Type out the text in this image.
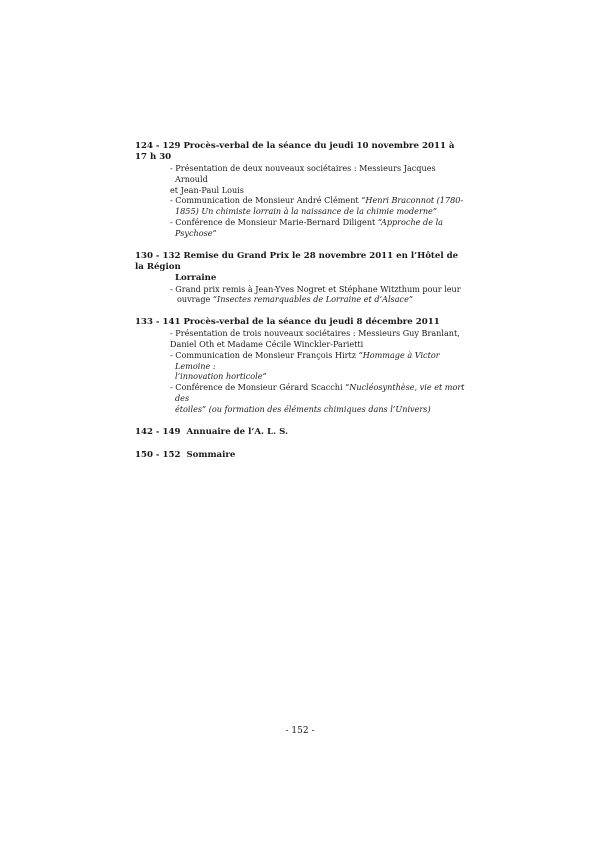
124 - 129 Procès-verbal de la séance du jeudi 10 novembre 2011 à 17 h 30
- Présentation de deux nouveaux sociétaires : Messieurs Jacques Arnould
et Jean-Paul Louis
- Communication de Monsieur André Clément “Henri Braconnot (1780-
1855) Un chimiste lorrain à la naissance de la chimie moderne”
- Conférence de Monsieur Marie-Bernard Diligent “Approche de la Psychose”
130 - 132 Remise du Grand Prix le 28 novembre 2011 en l’Hôtel de la Région
Lorraine
- Grand prix remis à Jean-Yves Nogret et Stéphane Witzthum pour leur
ouvrage “Insectes remarquables de Lorraine et d’Alsace”
133 - 141 Procès-verbal de la séance du jeudi 8 décembre 2011
- Présentation de trois nouveaux sociétaires : Messieurs Guy Branlant,
Daniel Oth et Madame Cécile Winckler-Parietti
- Communication de Monsieur François Hirtz “Hommage à Victor Lemoine :
l’innovation horticole”
- Conférence de Monsieur Gérard Scacchi “Nucléosynthèse, vie et mort des
étoiles” (ou formation des éléments chimiques dans l’Univers)
142 - 149 Annuaire de l’A. L. S.
150 - 152 Sommaire
- 152 -
